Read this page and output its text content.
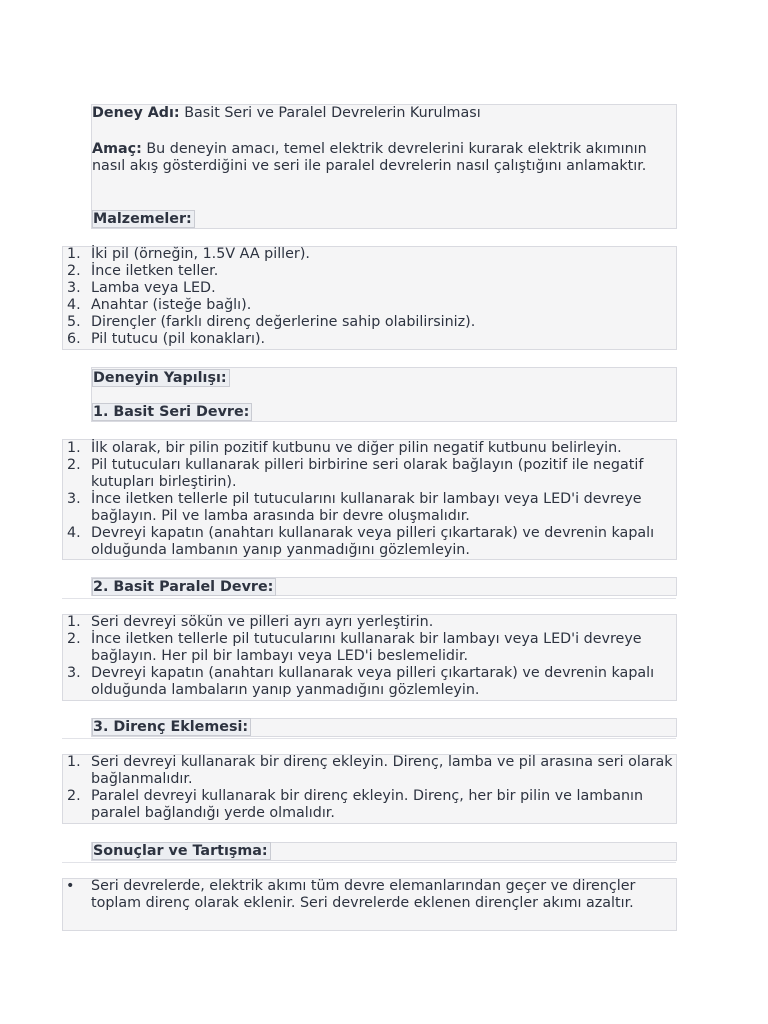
Deney Adı: Basit Seri ve Paralel Devrelerin Kurulması

Amaç: Bu deneyin amacı, temel elektrik devrelerini kurarak elektrik akımının nasıl akış gösterdiğini ve seri ile paralel devrelerin nasıl çalıştığını anlamaktır.

Malzemeler:

1. İki pil (örneğin, 1.5V AA piller).
2. İnce iletken teller.
3. Lamba veya LED.
4. Anahtar (isteğe bağlı).
5. Dirençler (farklı direnç değerlerine sahip olabilirsiniz).
6. Pil tutucu (pil konakları).

Deneyin Yapılışı:

1. Basit Seri Devre:

1. İlk olarak, bir pilin pozitif kutbunu ve diğer pilin negatif kutbunu belirleyin.
2. Pil tutucuları kullanarak pilleri birbirine seri olarak bağlayın (pozitif ile negatif kutupları birleştirin).
3. İnce iletken tellerle pil tutucularını kullanarak bir lambayı veya LED'i devreye bağlayın. Pil ve lamba arasında bir devre oluşmalıdır.
4. Devreyi kapatın (anahtarı kullanarak veya pilleri çıkartarak) ve devrenin kapalı olduğunda lambanın yanıp yanmadığını gözlemleyin.

2. Basit Paralel Devre:

1. Seri devreyi sökün ve pilleri ayrı ayrı yerleştirin.
2. İnce iletken tellerle pil tutucularını kullanarak bir lambayı veya LED'i devreye bağlayın. Her pil bir lambayı veya LED'i beslemelidir.
3. Devreyi kapatın (anahtarı kullanarak veya pilleri çıkartarak) ve devrenin kapalı olduğunda lambaların yanıp yanmadığını gözlemleyin.

3. Direnç Eklemesi:

1. Seri devreyi kullanarak bir direnç ekleyin. Direnç, lamba ve pil arasına seri olarak bağlanmalıdır.
2. Paralel devreyi kullanarak bir direnç ekleyin. Direnç, her bir pilin ve lambanın paralel bağlandığı yerde olmalıdır.

Sonuçlar ve Tartışma:

• Seri devrelerde, elektrik akımı tüm devre elemanlarından geçer ve dirençler toplam direnç olarak eklenir. Seri devrelerde eklenen dirençler akımı azaltır.
